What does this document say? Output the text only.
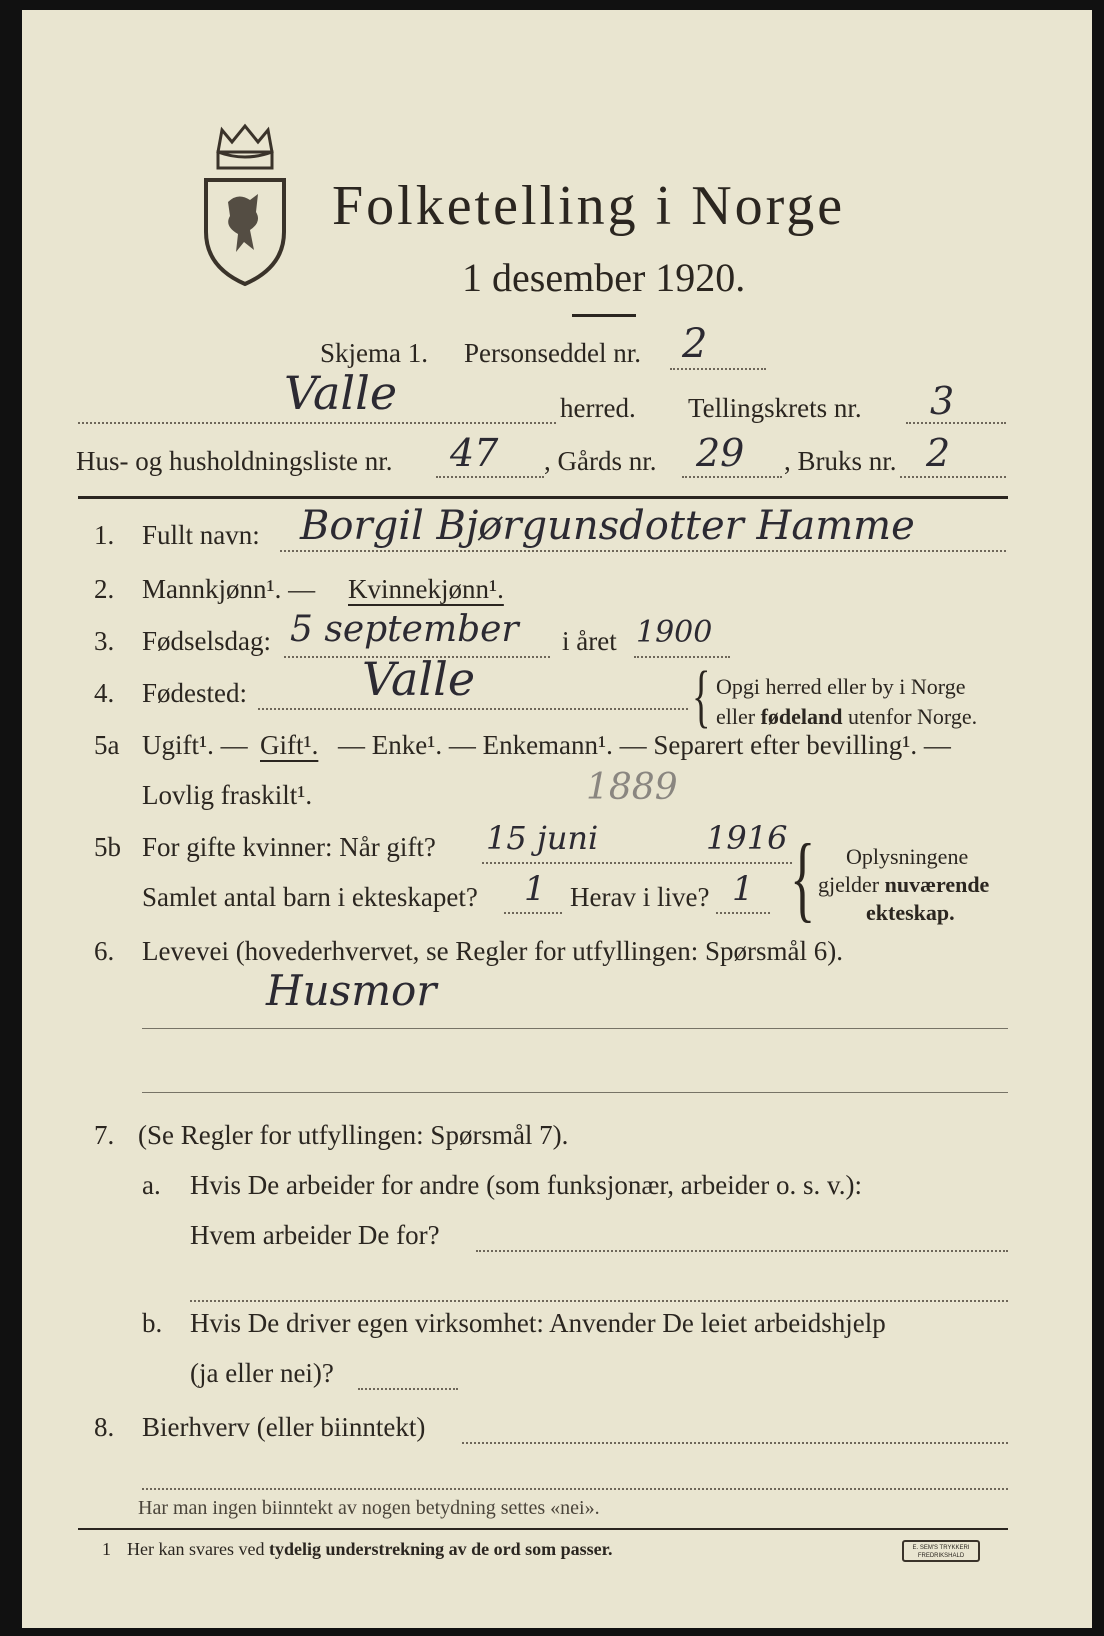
Folketelling i Norge
1 desember 1920.
Skjema 1. Personseddel nr. 2
Valle	herred. Tellingskrets nr. 3
Hus- og husholdningsliste nr. 47 , Gårds nr. 29 , Bruks nr. 2
1. Fullt navn: Borgil Bjørgunsdotter Hamme
2. Mannkjønn¹. — Kvinnekjønn¹.
3. Fødselsdag: 5 september i året 1900
4. Fødested:	Valle	{ Opgi herred eller by i Norge
eller fødeland utenfor Norge.
5a Ugift¹. — Gift¹. — Enke¹. — Enkemann¹. — Separert efter bevilling¹. —
Lovlig fraskilt¹.	1889
5b For gifte kvinner: Når gift? 15 juni	1916
Samlet antal barn i ekteskapet? 1 Herav i live? 1 { Oplysningene
gjelder nuværende
ekteskap.
6. Levevei (hovederhvervet, se Regler for utfyllingen: Spørsmål 6).
Husmor
7. (Se Regler for utfyllingen: Spørsmål 7).
a. Hvis De arbeider for andre (som funksjonær, arbeider o. s. v.):
Hvem arbeider De for?
b. Hvis De driver egen virksomhet: Anvender De leiet arbeidshjelp
(ja eller nei)?
8. Bierhverv (eller biinntekt)
Har man ingen biinntekt av nogen betydning settes «nei».
1 Her kan svares ved tydelig understrekning av de ord som passer.	E. SEM'S TRYKKERI FREDRIKSHALD
